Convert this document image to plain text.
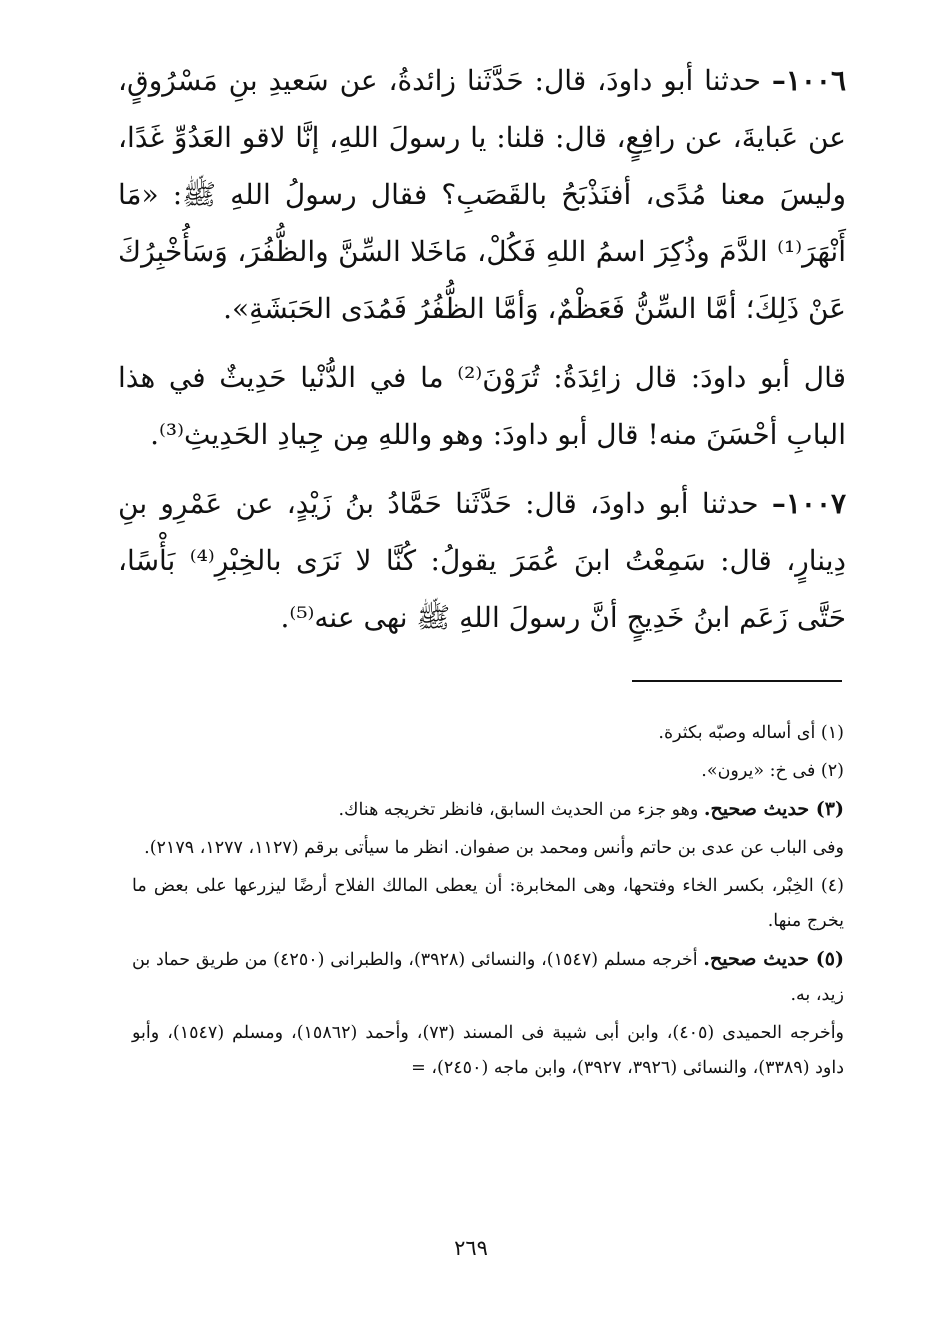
١٠٠٦– حدثنا أبو داودَ، قال: حَدَّثَنا زائدةُ، عن سَعيدِ بنِ مَسْرُوقٍ، عن عَبايةَ، عن رافِعٍ، قال: قلنا: يا رسولَ اللهِ، إنَّا لاقو العَدُوِّ غَدًا، وليسَ معنا مُدًى، أفنَذْبَحُ بالقَصَبِ؟ فقال رسولُ اللهِ ﷺ: «مَا أَنْهَرَ⁽¹⁾ الدَّمَ وذُكِرَ اسمُ اللهِ فَكُلْ، مَاخَلا السِّنَّ والظُّفُرَ، وَسَأُخْبِرُكَ عَنْ ذَلِكَ؛ أمَّا السِّنُّ فَعَظْمٌ، وَأمَّا الظُّفُرُ فَمُدَى الحَبَشَةِ».

قال أبو داودَ: قال زائِدَةُ: تُرَوْنَ⁽²⁾ ما في الدُّنْيا حَدِيثٌ في هذا البابِ أحْسَنَ منه! قال أبو داودَ: وهو واللهِ مِن جِيادِ الحَدِيثِ⁽³⁾.

١٠٠٧– حدثنا أبو داودَ، قال: حَدَّثَنا حَمَّادُ بنُ زَيْدٍ، عن عَمْرِو بنِ دِينارٍ، قال: سَمِعْتُ ابنَ عُمَرَ يقولُ: كُنَّا لا نَرَى بالخِبْرِ⁽⁴⁾ بَأْسًا، حَتَّى زَعَم ابنُ خَدِيجٍ أنَّ رسولَ اللهِ ﷺ نهى عنه⁽⁵⁾.

(١) أى أساله وصبّه بكثرة.

(٢) فى خ: «يرون».

(٣) حديث صحيح. وهو جزء من الحديث السابق، فانظر تخريجه هناك.

وفى الباب عن عدى بن حاتم وأنس ومحمد بن صفوان. انظر ما سيأتى برقم (١١٢٧، ١٢٧٧، ٢١٧٩).

(٤) الخِبْر، بكسر الخاء وفتحها، وهى المخابرة: أن يعطى المالك الفلاح أرضًا ليزرعها على بعض ما يخرج منها.

(٥) حديث صحيح. أخرجه مسلم (١٥٤٧)، والنسائى (٣٩٢٨)، والطبرانى (٤٢٥٠) من طريق حماد بن زيد، به.

وأخرجه الحميدى (٤٠٥)، وابن أبى شيبة فى المسند (٧٣)، وأحمد (١٥٨٦٢)، ومسلم (١٥٤٧)، وأبو داود (٣٣٨٩)، والنسائى (٣٩٢٦، ٣٩٢٧)، وابن ماجه (٢٤٥٠)، =

٢٦٩
